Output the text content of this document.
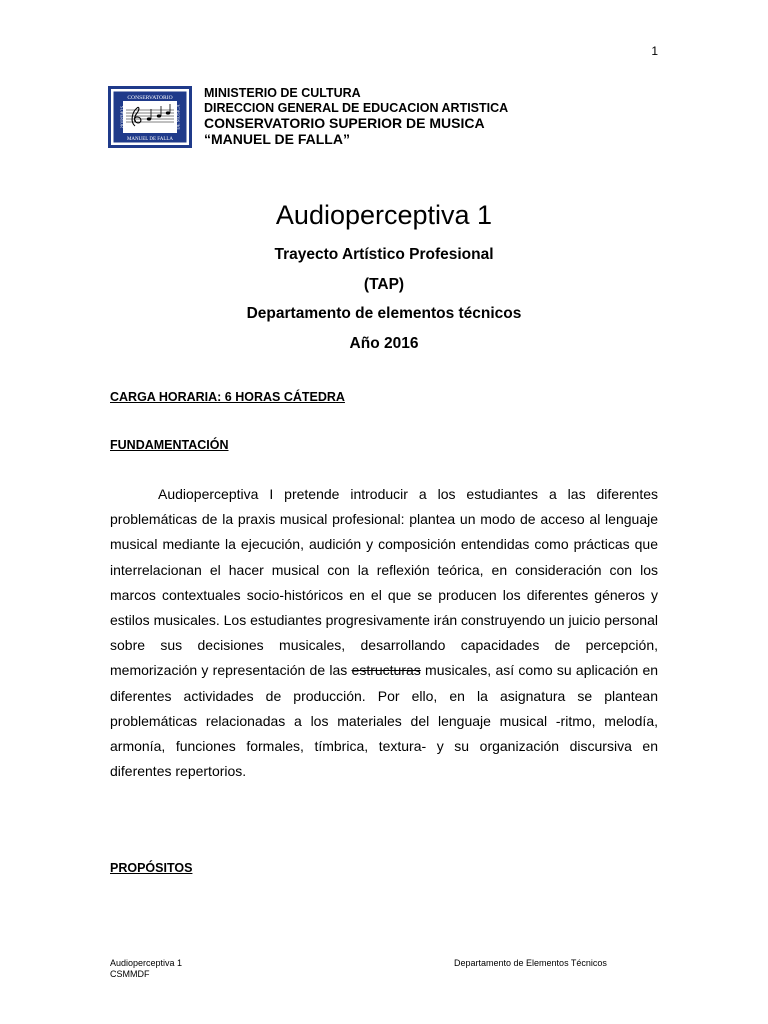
1
CONSERVATORIO
MANUEL DE FALLA
SUPERIOR	DE MUSICA
MINISTERIO DE CULTURA
DIRECCION GENERAL DE EDUCACION ARTISTICA
CONSERVATORIO SUPERIOR DE MUSICA
“MANUEL DE FALLA”
Audioperceptiva 1
Trayecto Artístico Profesional
(TAP)
Departamento de elementos técnicos
Año 2016
CARGA HORARIA: 6 HORAS CÁTEDRA
FUNDAMENTACIÓN

Audioperceptiva I pretende introducir a los estudiantes a las diferentes problemáticas de la praxis musical profesional: plantea un modo de acceso al lenguaje musical mediante la ejecución, audición y composición entendidas como prácticas que interrelacionan el hacer musical con la reflexión teórica, en consideración con los marcos contextuales socio-históricos en el que se producen los diferentes géneros y estilos musicales. Los estudiantes progresivamente irán construyendo un juicio personal sobre sus decisiones musicales, desarrollando capacidades de percepción, memorización y representación de las estructuras musicales, así como su aplicación en diferentes actividades de producción. Por ello, en la asignatura se plantean problemáticas relacionadas a los materiales del lenguaje musical -ritmo, melodía, armonía, funciones formales, tímbrica, textura- y su organización discursiva en diferentes repertorios.

PROPÓSITOS
Audioperceptiva 1
CSMMDF
Departamento de Elementos Técnicos
